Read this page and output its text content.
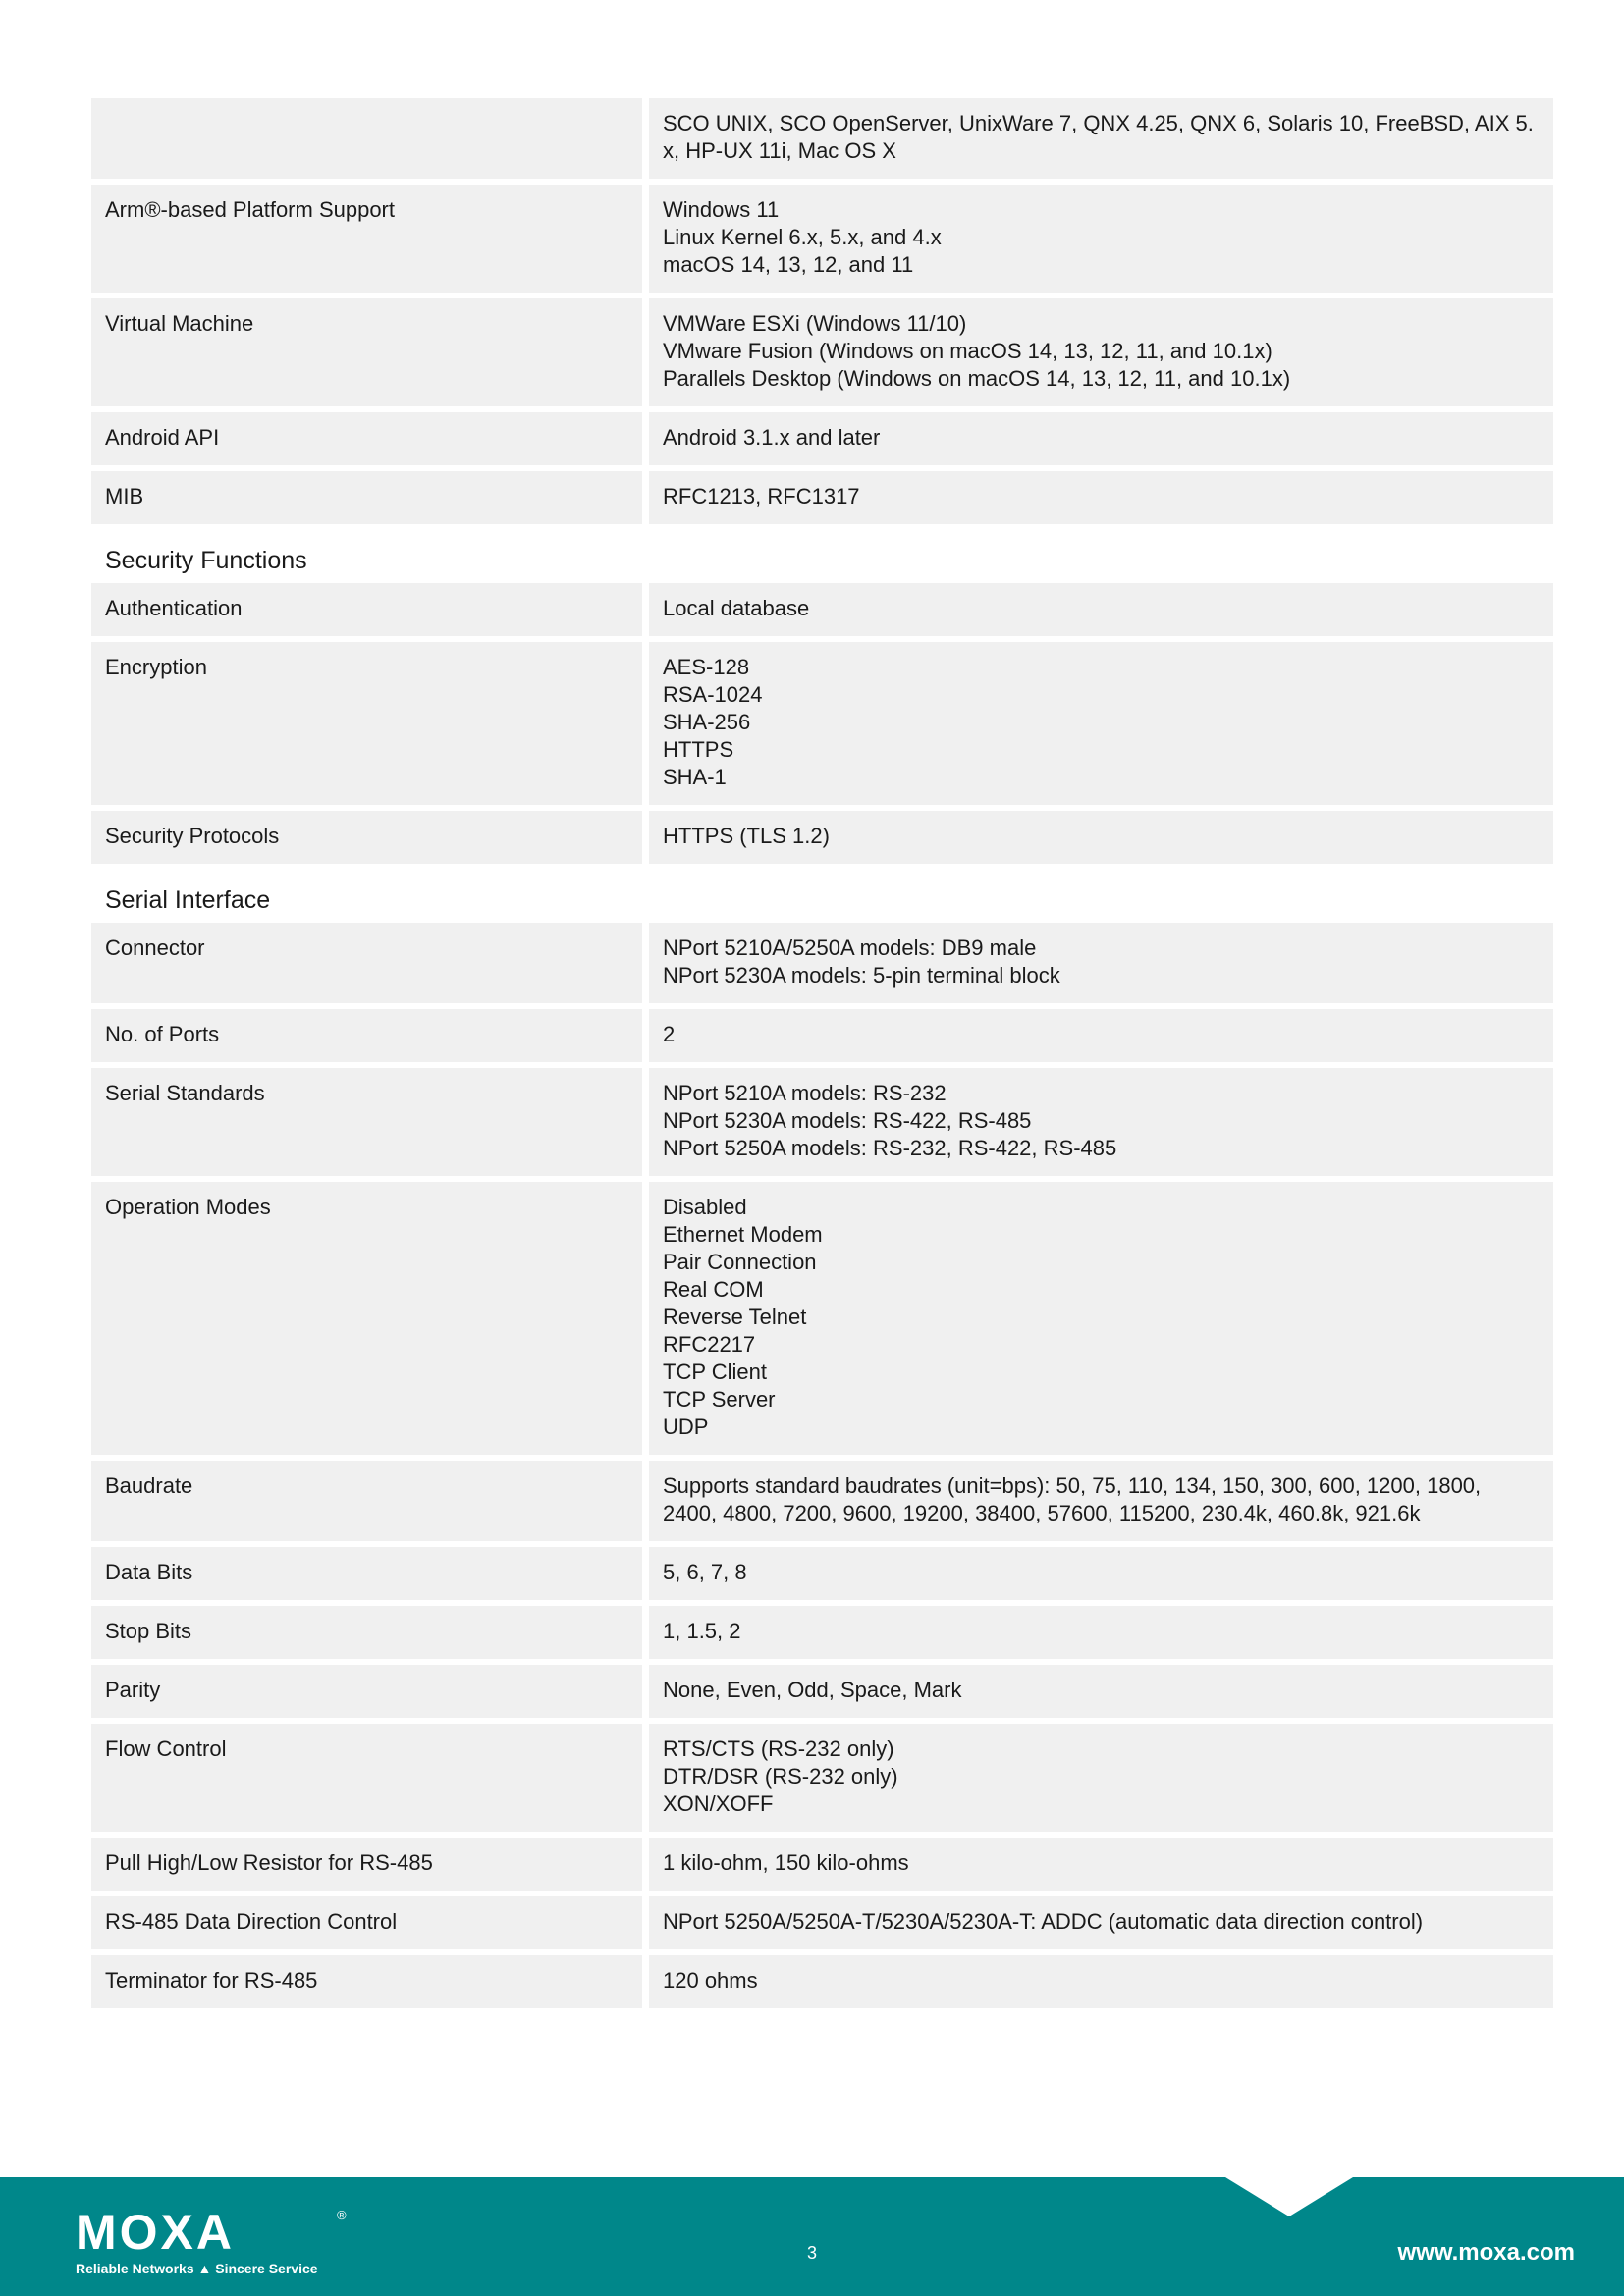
SCO UNIX, SCO OpenServer, UnixWare 7, QNX 4.25, QNX 6, Solaris 10, FreeBSD, AIX 5.
x, HP-UX 11i, Mac OS X
Arm®-based Platform Support	Windows 11
Linux Kernel 6.x, 5.x, and 4.x
macOS 14, 13, 12, and 11
Virtual Machine	VMWare ESXi (Windows 11/10)
VMware Fusion (Windows on macOS 14, 13, 12, 11, and 10.1x)
Parallels Desktop (Windows on macOS 14, 13, 12, 11, and 10.1x)
Android API	Android 3.1.x and later
MIB	RFC1213, RFC1317
Security Functions
Authentication	Local database
Encryption	AES-128
RSA-1024
SHA-256
HTTPS
SHA-1
Security Protocols	HTTPS (TLS 1.2)
Serial Interface
Connector	NPort 5210A/5250A models: DB9 male
NPort 5230A models: 5-pin terminal block
No. of Ports	2
Serial Standards	NPort 5210A models: RS-232
NPort 5230A models: RS-422, RS-485
NPort 5250A models: RS-232, RS-422, RS-485
Operation Modes	Disabled
Ethernet Modem
Pair Connection
Real COM
Reverse Telnet
RFC2217
TCP Client
TCP Server
UDP
Baudrate	Supports standard baudrates (unit=bps): 50, 75, 110, 134, 150, 300, 600, 1200, 1800,
2400, 4800, 7200, 9600, 19200, 38400, 57600, 115200, 230.4k, 460.8k, 921.6k
Data Bits	5, 6, 7, 8
Stop Bits	1, 1.5, 2
Parity	None, Even, Odd, Space, Mark
Flow Control	RTS/CTS (RS-232 only)
DTR/DSR (RS-232 only)
XON/XOFF
Pull High/Low Resistor for RS-485	1 kilo-ohm, 150 kilo-ohms
RS-485 Data Direction Control	NPort 5250A/5250A-T/5230A/5230A-T: ADDC (automatic data direction control)
Terminator for RS-485	120 ohms
MOXA	®
Reliable Networks ▲ Sincere Service
3	www.moxa.com
